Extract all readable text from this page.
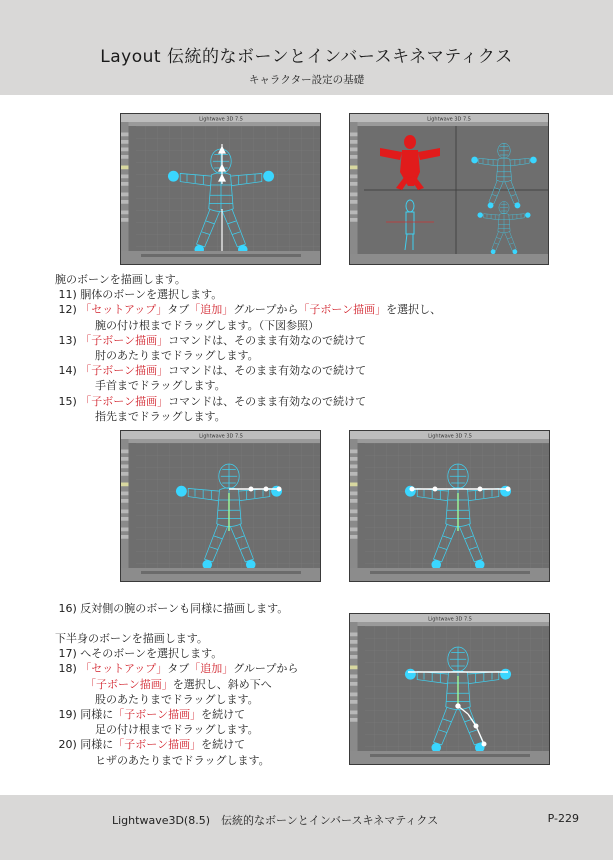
Layout 伝統的なボーンとインバースキネマティクス
キャラクター設定の基礎
Lightwave 3D 7.5	Lightwave 3D 7.5
腕のボーンを描画します。
11) 胴体のボーンを選択します。
12) 「セットアップ」タブ「追加」グループから「子ボーン描画」を選択し、
腕の付け根までドラッグします。（下図参照）
13) 「子ボーン描画」コマンドは、そのまま有効なので続けて
肘のあたりまでドラッグします。
14) 「子ボーン描画」コマンドは、そのまま有効なので続けて
手首までドラッグします。
15) 「子ボーン描画」コマンドは、そのまま有効なので続けて
指先までドラッグします。
Lightwave 3D 7.5	Lightwave 3D 7.5
16) 反対側の腕のボーンも同様に描画します。
下半身のボーンを描画します。
17) へそのボーンを選択します。
18) 「セットアップ」タブ「追加」グループから
「子ボーン描画」を選択し、斜め下へ
股のあたりまでドラッグします。
19) 同様に「子ボーン描画」を続けて
足の付け根までドラッグします。
20) 同様に「子ボーン描画」を続けて
ヒザのあたりまでドラッグします。
Lightwave 3D 7.5
Lightwave3D(8.5)　伝統的なボーンとインバースキネマティクス	P-229
